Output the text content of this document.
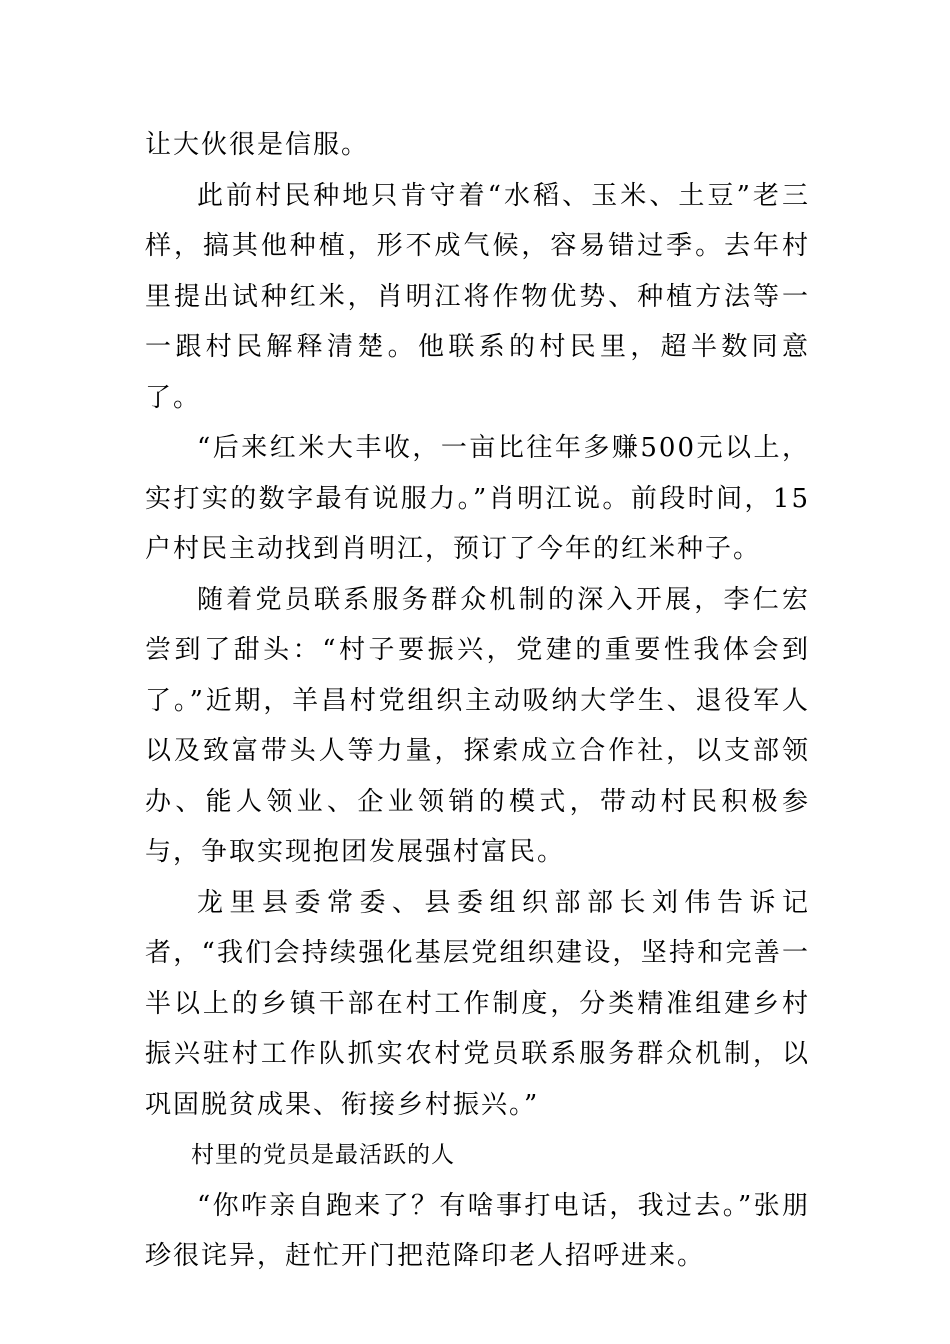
让大伙很是信服。

此前村民种地只肯守着“水稻、玉米、土豆”老三样，搞其他种植，形不成气候，容易错过季。去年村里提出试种红米，肖明江将作物优势、种植方法等一一跟村民解释清楚。他联系的村民里，超半数同意了。

“后来红米大丰收，一亩比往年多赚500元以上，实打实的数字最有说服力。”肖明江说。前段时间，15户村民主动找到肖明江，预订了今年的红米种子。

随着党员联系服务群众机制的深入开展，李仁宏尝到了甜头：“村子要振兴，党建的重要性我体会到了。”近期，羊昌村党组织主动吸纳大学生、退役军人以及致富带头人等力量，探索成立合作社，以支部领办、能人领业、企业领销的模式，带动村民积极参与，争取实现抱团发展强村富民。

龙里县委常委、县委组织部部长刘伟告诉记者，“我们会持续强化基层党组织建设，坚持和完善一半以上的乡镇干部在村工作制度，分类精准组建乡村振兴驻村工作队抓实农村党员联系服务群众机制，以巩固脱贫成果、衔接乡村振兴。”

村里的党员是最活跃的人

“你咋亲自跑来了？有啥事打电话，我过去。”张朋珍很诧异，赶忙开门把范降印老人招呼进来。
